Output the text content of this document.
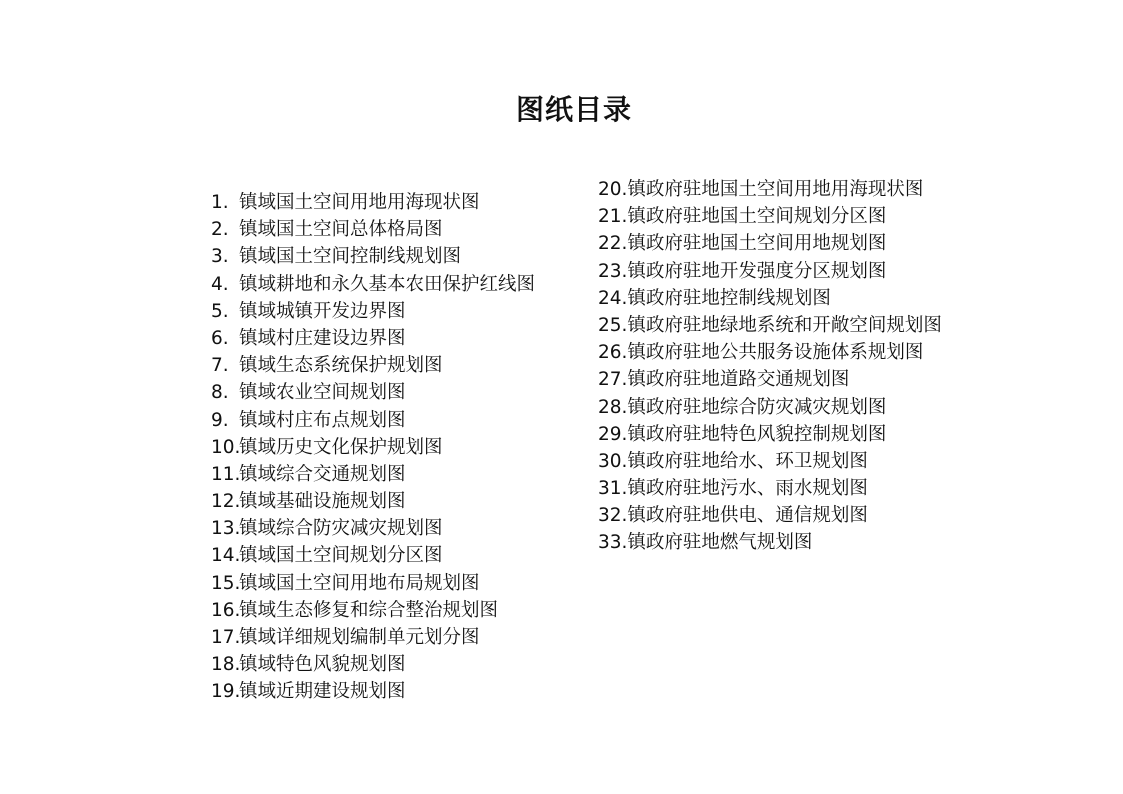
图纸目录
1. 镇域国土空间用地用海现状图
2. 镇域国土空间总体格局图
3. 镇域国土空间控制线规划图
4. 镇域耕地和永久基本农田保护红线图
5. 镇域城镇开发边界图
6. 镇域村庄建设边界图
7. 镇域生态系统保护规划图
8. 镇域农业空间规划图
9. 镇域村庄布点规划图
10.
镇域历史文化保护规划图
11.
镇域综合交通规划图
12.
镇域基础设施规划图
13.
镇域综合防灾减灾规划图
14.
镇域国土空间规划分区图
15.
镇域国土空间用地布局规划图
16.
镇域生态修复和综合整治规划图
17.
镇域详细规划编制单元划分图
18.
镇域特色风貌规划图
19.
镇域近期建设规划图
20. 镇政府驻地国土空间用地用海现状图
21. 镇政府驻地国土空间规划分区图
22. 镇政府驻地国土空间用地规划图
23. 镇政府驻地开发强度分区规划图
24. 镇政府驻地控制线规划图
25. 镇政府驻地绿地系统和开敞空间规划图
26. 镇政府驻地公共服务设施体系规划图
27. 镇政府驻地道路交通规划图
28. 镇政府驻地综合防灾减灾规划图
29. 镇政府驻地特色风貌控制规划图
30. 镇政府驻地给水、环卫规划图
31. 镇政府驻地污水、雨水规划图
32. 镇政府驻地供电、通信规划图
33. 镇政府驻地燃气规划图
